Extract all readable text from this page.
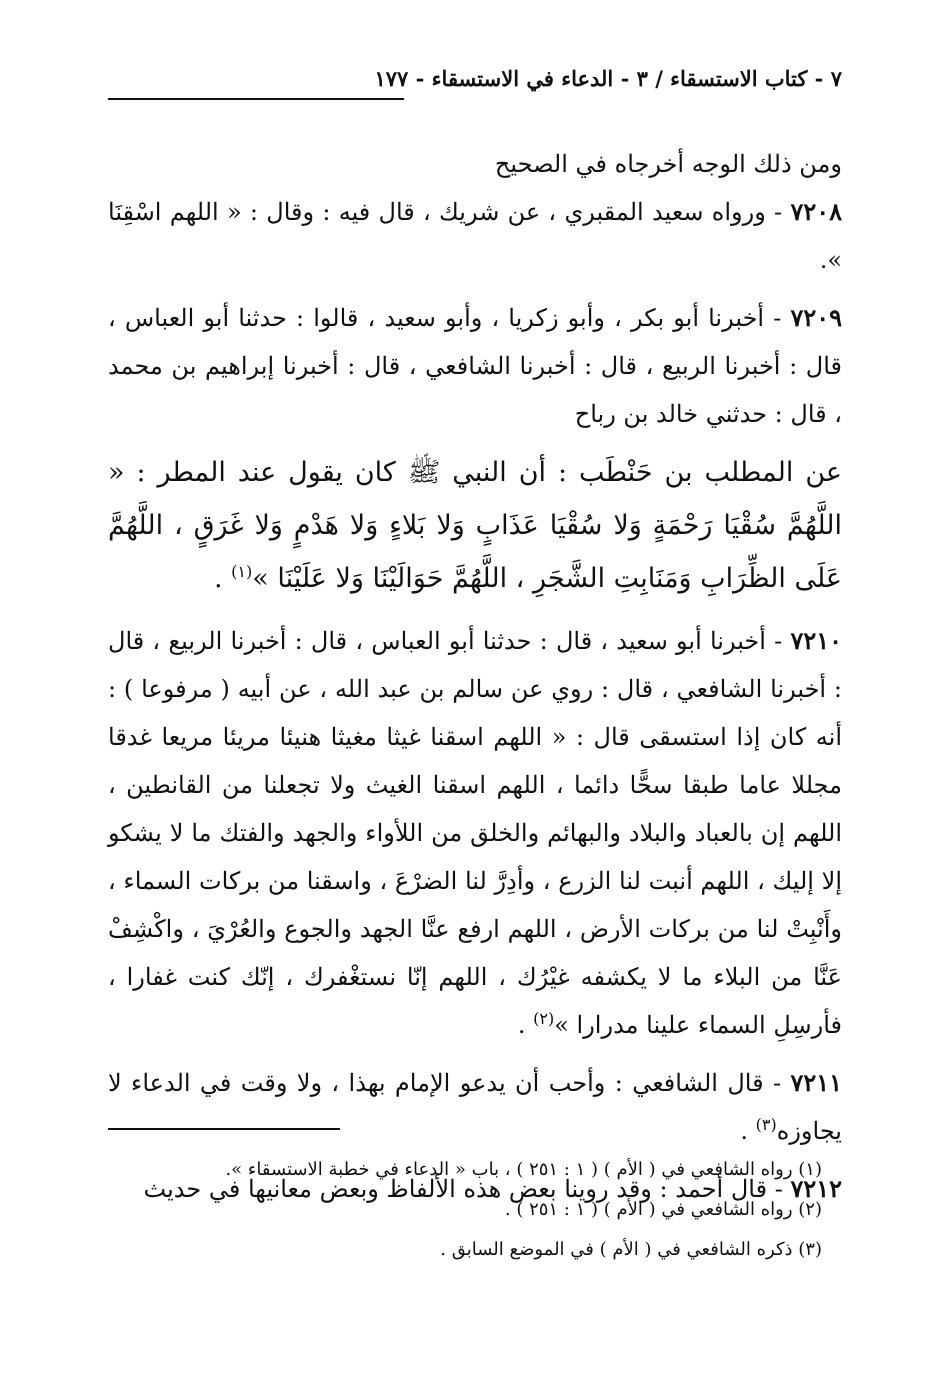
٧ - كتاب الاستسقاء / ٣ - الدعاء في الاستسقاء - ١٧٧

ومن ذلك الوجه أخرجاه في الصحيح

٧٢٠٨ - ورواه سعيد المقبري ، عن شريك ، قال فيه : وقال : « اللهم اسْقِنَا ».

٧٢٠٩ - أخبرنا أبو بكر ، وأبو زكريا ، وأبو سعيد ، قالوا : حدثنا أبو العباس ، قال : أخبرنا الربيع ، قال : أخبرنا الشافعي ، قال : أخبرنا إبراهيم بن محمد ، قال : حدثني خالد بن رباح

عن المطلب بن حَنْطَب : أن النبي ﷺ كان يقول عند المطر : « اللَّهُمَّ سُقْيَا رَحْمَةٍ وَلا سُقْيَا عَذَابٍ وَلا بَلاءٍ وَلا هَدْمٍ وَلا غَرَقٍ ، اللَّهُمَّ عَلَى الظِّرَابِ وَمَنَابِتِ الشَّجَرِ ، اللَّهُمَّ حَوَالَيْنَا وَلا عَلَيْنَا »$^{(١)}$ .

٧٢١٠ - أخبرنا أبو سعيد ، قال : حدثنا أبو العباس ، قال : أخبرنا الربيع ، قال : أخبرنا الشافعي ، قال : روي عن سالم بن عبد الله ، عن أبيه ( مرفوعا ) : أنه كان إذا استسقى قال : « اللهم اسقنا غيثا مغيثا هنيئا مريئا مريعا غدقا مجللا عاما طبقا سحًّا دائما ، اللهم اسقنا الغيث ولا تجعلنا من القانطين ، اللهم إن بالعباد والبلاد والبهائم والخلق من اللأواء والجهد والفتك ما لا يشكو إلا إليك ، اللهم أنبت لنا الزرع ، وأدِرَّ لنا الضرْعَ ، واسقنا من بركات السماء ، وأَنْبِتْ لنا من بركات الأرض ، اللهم ارفع عنَّا الجهد والجوع والعُرْيَ ، واكْشِفْ عَنَّا من البلاء ما لا يكشفه غيْرُك ، اللهم إنّا نستغْفرك ، إنّك كنت غفارا ، فأرسِلِ السماء علينا مدرارا »$^{(٢)}$ .

٧٢١١ - قال الشافعي : وأحب أن يدعو الإمام بهذا ، ولا وقت في الدعاء لا يجاوزه$^{(٣)}$ .

٧٢١٢ - قال أحمد : وقد روينا بعض هذه الألفاظ وبعض معانيها في حديث

(١) رواه الشافعي في ( الأم ) ( ١ : ٢٥١ ) ، باب « الدعاء في خطبة الاستسقاء ».
(٢) رواه الشافعي في ( الأم ) ( ١ : ٢٥١ ) .
(٣) ذكره الشافعي في ( الأم ) في الموضع السابق .
